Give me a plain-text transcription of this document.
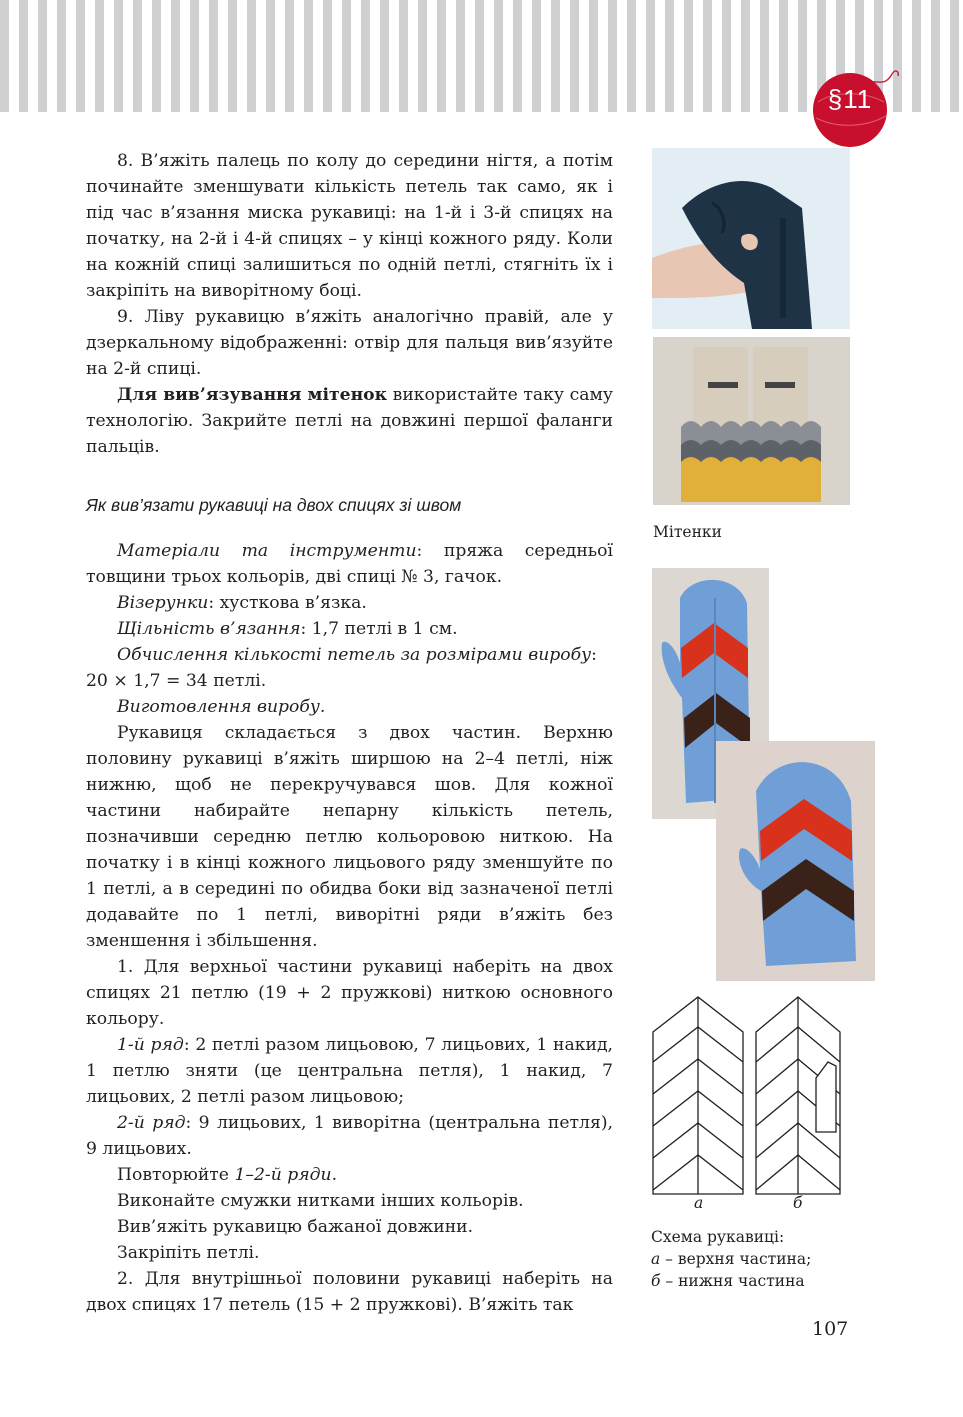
§11

8. В’яжіть палець по колу до середини нігтя, а потім починайте зменшувати кількість петель так само, як і під час в’язання миска рукавиці: на 1-й і 3-й спицях на початку, на 2-й і 4-й спицях – у кінці кожного ряду. Коли на кожній спиці залишиться по одній петлі, стягніть їх і закріпіть на виворітному боці.

9. Ліву рукавицю в’яжіть аналогічно правій, але у дзеркальному відображенні: отвір для пальця вив’язуйте на 2-й спиці.

Для вив’язування мітенок використайте таку саму технологію. Закрийте петлі на довжині першої фаланги пальців.

Як вив’язати рукавиці на двох спицях зі швом

Матеріали та інструменти: пряжа середньої товщини трьох кольорів, дві спиці № 3, гачок.

Візерунки: хусткова в’язка.

Щільність в’язання: 1,7 петлі в 1 см.

Обчислення кількості петель за розмірами виробу:

20 × 1,7 = 34 петлі.

Виготовлення виробу.

Рукавиця складається з двох частин. Верхню половину рукавиці в’яжіть ширшою на 2–4 петлі, ніж нижню, щоб не перекручувався шов. Для кожної частини набирайте непарну кількість петель, позначивши середню петлю кольоровою ниткою. На початку і в кінці кожного лицьового ряду зменшуйте по 1 петлі, а в середині по обидва боки від зазначеної петлі додавайте по 1 петлі, виворітні ряди в’яжіть без зменшення і збільшення.

1. Для верхньої частини рукавиці наберіть на двох спицях 21 петлю (19 + 2 пружкові) ниткою основного кольору.

1-й ряд: 2 петлі разом лицьовою, 7 лицьових, 1 накид, 1 петлю зняти (це центральна петля), 1 накид, 7 лицьових, 2 петлі разом лицьовою;

2-й ряд: 9 лицьових, 1 виворітна (центральна петля), 9 лицьових.

Повторюйте 1–2-й ряди.

Виконайте смужки нитками інших кольорів.

Вив’яжіть рукавицю бажаної довжини.

Закріпіть петлі.

2. Для внутрішньої половини рукавиці наберіть на двох спицях 17 петель (15 + 2 пружкові). В’яжіть так

Мітенки
а	б
Схема рукавиці:
а – верхня частина;
б – нижня частина
107
